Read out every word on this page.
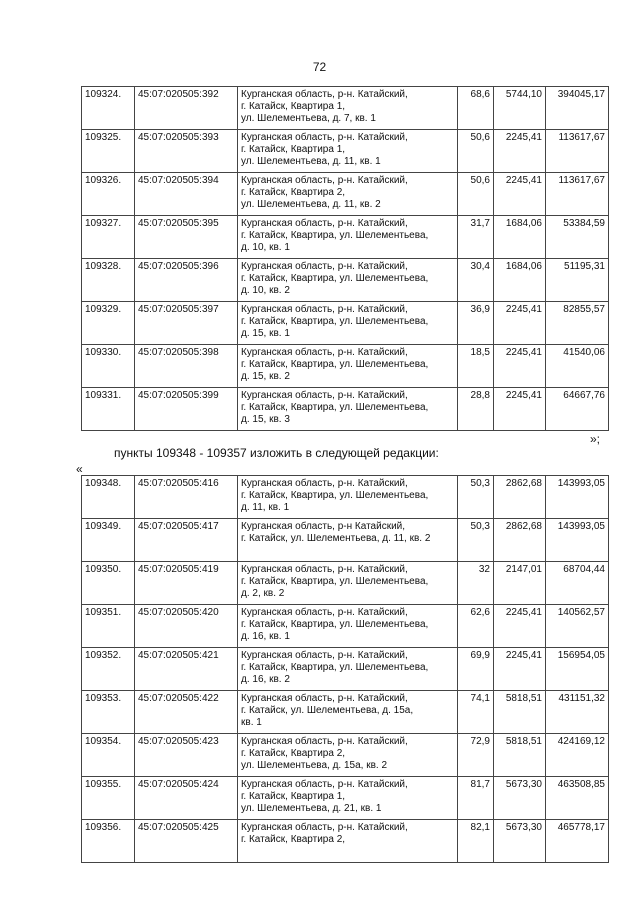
72
109324.	45:07:020505:392	Курганская область, р-н. Катайский,
г. Катайск, Квартира 1,
ул. Шелементьева, д. 7, кв. 1	68,6	5744,10	394045,17
109325.	45:07:020505:393	Курганская область, р-н. Катайский,
г. Катайск, Квартира 1,
ул. Шелементьева, д. 11, кв. 1	50,6	2245,41	113617,67
109326.	45:07:020505:394	Курганская область, р-н. Катайский,
г. Катайск, Квартира 2,
ул. Шелементьева, д. 11, кв. 2	50,6	2245,41	113617,67
109327.	45:07:020505:395	Курганская область, р-н. Катайский,
г. Катайск, Квартира, ул. Шелементьева,
д. 10, кв. 1	31,7	1684,06	53384,59
109328.	45:07:020505:396	Курганская область, р-н. Катайский,
г. Катайск, Квартира, ул. Шелементьева,
д. 10, кв. 2	30,4	1684,06	51195,31
109329.	45:07:020505:397	Курганская область, р-н. Катайский,
г. Катайск, Квартира, ул. Шелементьева,
д. 15, кв. 1	36,9	2245,41	82855,57
109330.	45:07:020505:398	Курганская область, р-н. Катайский,
г. Катайск, Квартира, ул. Шелементьева,
д. 15, кв. 2	18,5	2245,41	41540,06
109331.	45:07:020505:399	Курганская область, р-н. Катайский,
г. Катайск, Квартира, ул. Шелементьева,
д. 15, кв. 3	28,8	2245,41	64667,76
»;
пункты 109348 - 109357 изложить в следующей редакции:
«
109348.	45:07:020505:416	Курганская область, р-н. Катайский,
г. Катайск, Квартира, ул. Шелементьева,
д. 11, кв. 1	50,3	2862,68	143993,05
109349.	45:07:020505:417	Курганская область, р-н Катайский,
г. Катайск, ул. Шелементьева, д. 11, кв. 2	50,3	2862,68	143993,05
109350.	45:07:020505:419	Курганская область, р-н. Катайский,
г. Катайск, Квартира, ул. Шелементьева,
д. 2, кв. 2	32	2147,01	68704,44
109351.	45:07:020505:420	Курганская область, р-н. Катайский,
г. Катайск, Квартира, ул. Шелементьева,
д. 16, кв. 1	62,6	2245,41	140562,57
109352.	45:07:020505:421	Курганская область, р-н. Катайский,
г. Катайск, Квартира, ул. Шелементьева,
д. 16, кв. 2	69,9	2245,41	156954,05
109353.	45:07:020505:422	Курганская область, р-н. Катайский,
г. Катайск, ул. Шелементьева, д. 15а,
кв. 1	74,1	5818,51	431151,32
109354.	45:07:020505:423	Курганская область, р-н. Катайский,
г. Катайск, Квартира 2,
ул. Шелементьева, д. 15а, кв. 2	72,9	5818,51	424169,12
109355.	45:07:020505:424	Курганская область, р-н. Катайский,
г. Катайск, Квартира 1,
ул. Шелементьева, д. 21, кв. 1	81,7	5673,30	463508,85
109356.	45:07:020505:425	Курганская область, р-н. Катайский,
г. Катайск, Квартира 2,	82,1	5673,30	465778,17
